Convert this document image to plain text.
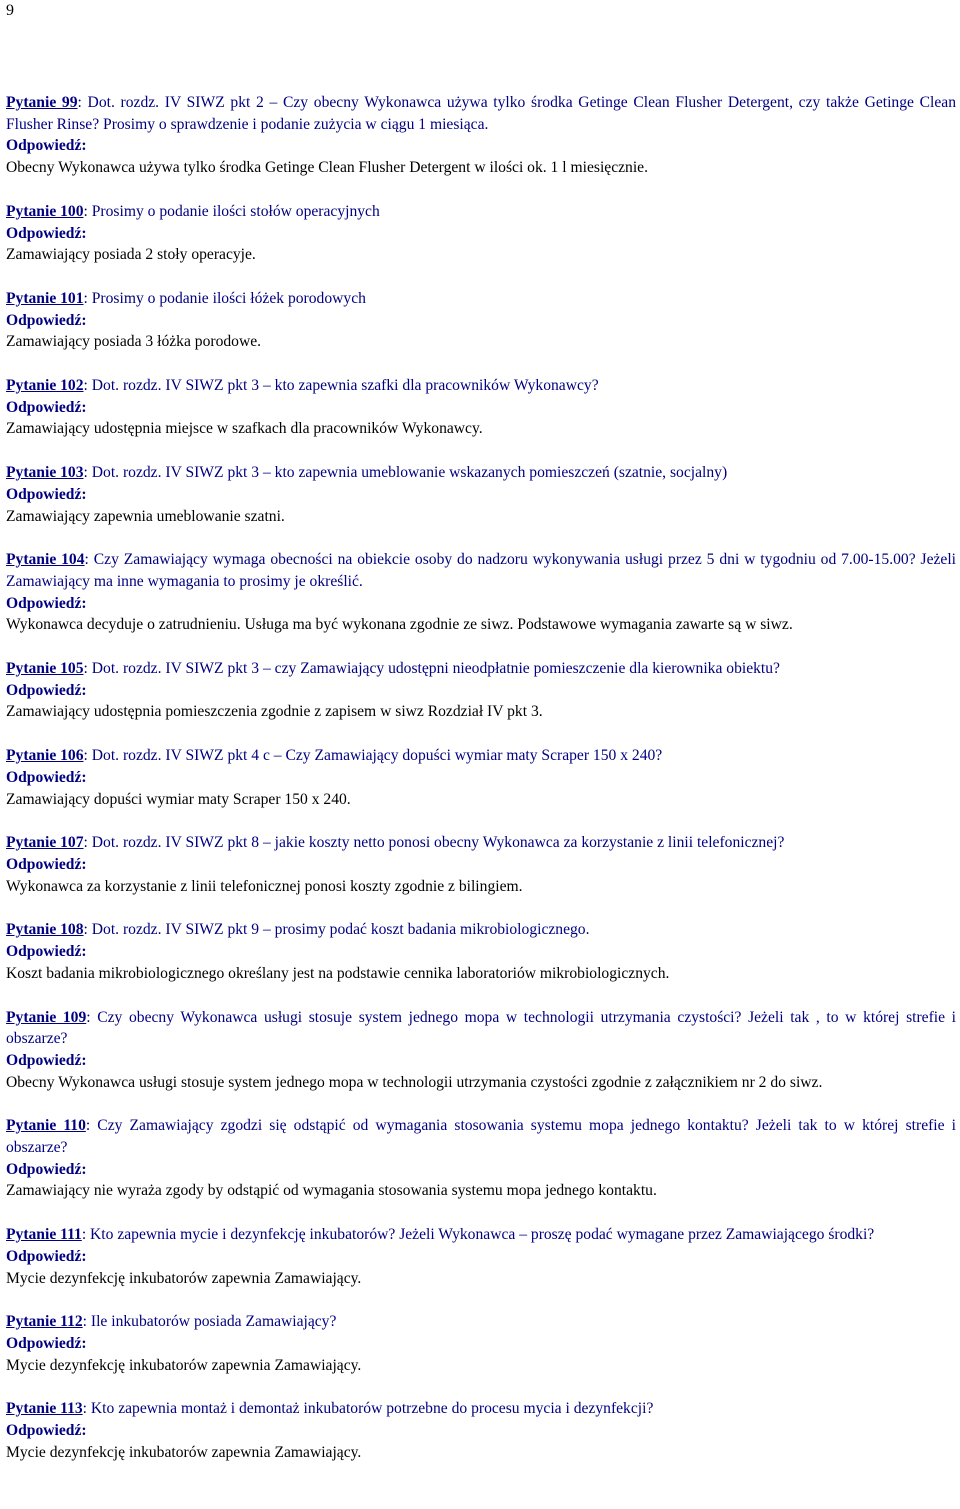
9
Pytanie 99: Dot. rozdz. IV SIWZ pkt 2 – Czy obecny Wykonawca używa tylko środka Getinge Clean Flusher Detergent, czy także Getinge Clean Flusher Rinse? Prosimy o sprawdzenie i podanie zużycia w ciągu 1 miesiąca.
Odpowiedź:
Obecny Wykonawca używa tylko środka Getinge Clean Flusher Detergent w ilości ok. 1 l miesięcznie.
Pytanie 100: Prosimy o podanie ilości stołów operacyjnych
Odpowiedź:
Zamawiający posiada 2 stoły operacyje.
Pytanie 101: Prosimy o podanie ilości łóżek porodowych
Odpowiedź:
Zamawiający posiada 3 łóżka porodowe.
Pytanie 102: Dot. rozdz. IV SIWZ pkt 3 – kto zapewnia szafki dla pracowników Wykonawcy?
Odpowiedź:
Zamawiający udostępnia miejsce w szafkach dla pracowników Wykonawcy.
Pytanie 103: Dot. rozdz. IV SIWZ pkt 3 – kto zapewnia umeblowanie wskazanych pomieszczeń (szatnie, socjalny)
Odpowiedź:
Zamawiający zapewnia umeblowanie szatni.
Pytanie 104: Czy Zamawiający wymaga obecności na obiekcie osoby do nadzoru wykonywania usługi przez 5 dni w tygodniu od 7.00-15.00? Jeżeli Zamawiający ma inne wymagania to prosimy je określić.
Odpowiedź:
Wykonawca decyduje o zatrudnieniu. Usługa ma być wykonana zgodnie ze siwz. Podstawowe wymagania zawarte są w siwz.
Pytanie 105: Dot. rozdz. IV SIWZ pkt 3 – czy Zamawiający udostępni nieodpłatnie pomieszczenie dla kierownika obiektu?
Odpowiedź:
Zamawiający udostępnia pomieszczenia zgodnie z zapisem w siwz Rozdział IV pkt 3.
Pytanie 106: Dot. rozdz. IV SIWZ pkt 4 c – Czy Zamawiający dopuści wymiar maty Scraper 150 x 240?
Odpowiedź:
Zamawiający dopuści wymiar maty Scraper 150 x 240.
Pytanie 107: Dot. rozdz. IV SIWZ pkt 8 – jakie koszty netto ponosi obecny Wykonawca za korzystanie z linii telefonicznej?
Odpowiedź:
Wykonawca za korzystanie z linii telefonicznej ponosi koszty zgodnie z bilingiem.
Pytanie 108: Dot. rozdz. IV SIWZ pkt 9 – prosimy podać koszt badania mikrobiologicznego.
Odpowiedź:
Koszt badania mikrobiologicznego określany jest na podstawie cennika laboratoriów mikrobiologicznych.
Pytanie 109: Czy obecny Wykonawca usługi stosuje system jednego mopa w technologii utrzymania czystości? Jeżeli tak , to w której strefie i obszarze?
Odpowiedź:
Obecny Wykonawca usługi stosuje system jednego mopa w technologii utrzymania czystości zgodnie z załącznikiem nr 2 do siwz.
Pytanie 110: Czy Zamawiający zgodzi się odstąpić od wymagania stosowania systemu mopa jednego kontaktu? Jeżeli tak to w której strefie i obszarze?
Odpowiedź:
Zamawiający nie wyraża zgody by odstąpić od wymagania stosowania systemu mopa jednego kontaktu.
Pytanie 111: Kto zapewnia mycie i dezynfekcję inkubatorów? Jeżeli Wykonawca – proszę podać wymagane przez Zamawiającego środki?
Odpowiedź:
Mycie dezynfekcję inkubatorów zapewnia Zamawiający.
Pytanie 112: Ile inkubatorów posiada Zamawiający?
Odpowiedź:
Mycie dezynfekcję inkubatorów zapewnia Zamawiający.
Pytanie 113: Kto zapewnia montaż i demontaż inkubatorów potrzebne do procesu mycia i dezynfekcji?
Odpowiedź:
Mycie dezynfekcję inkubatorów zapewnia Zamawiający.
